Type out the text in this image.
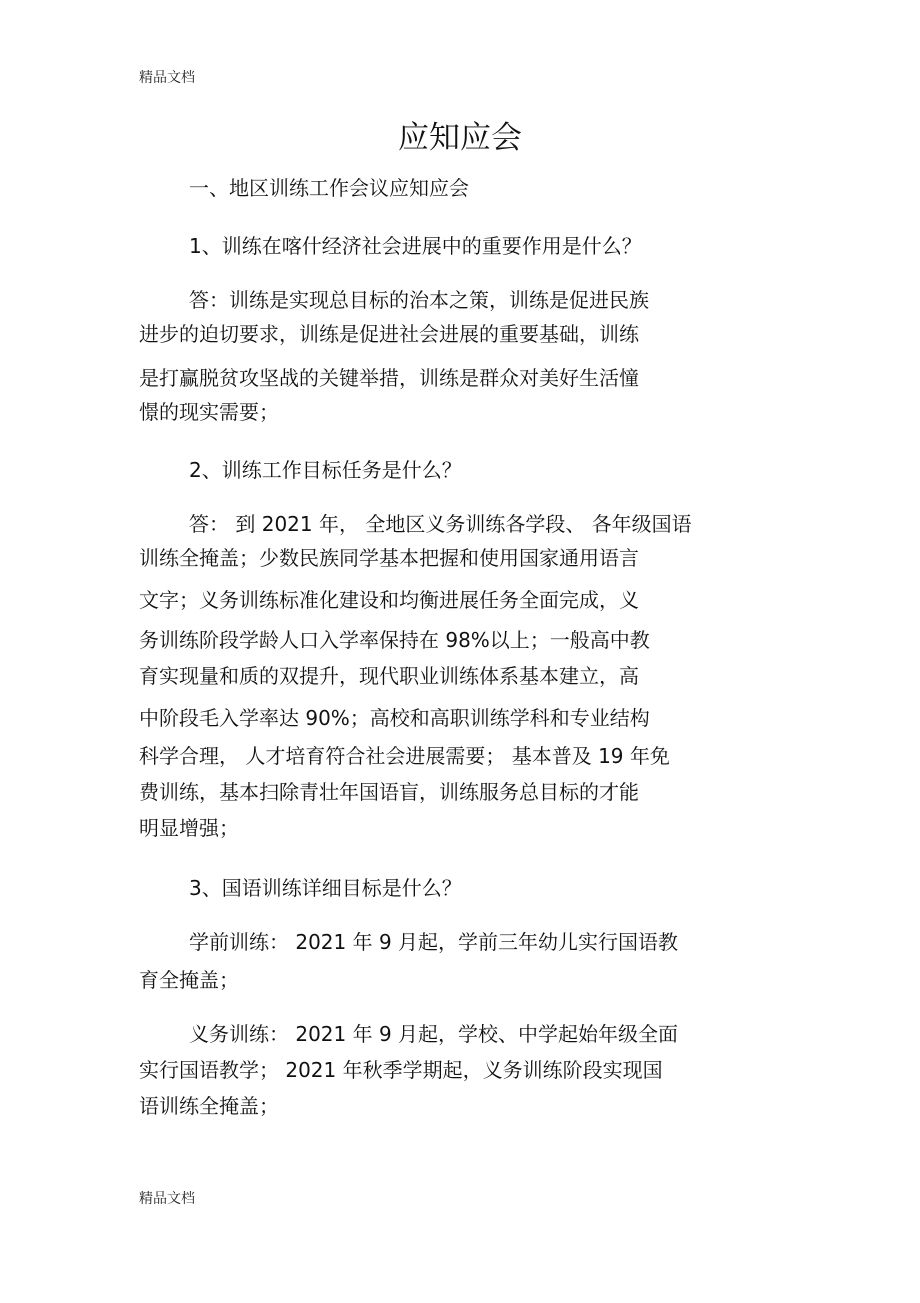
精品文档
应知应会
一、地区训练工作会议应知应会
1、训练在喀什经济社会进展中的重要作用是什么？
答：训练是实现总目标的治本之策，训练是促进民族
进步的迫切要求，训练是促进社会进展的重要基础，训练
是打赢脱贫攻坚战的关键举措，训练是群众对美好生活憧
憬的现实需要；
2、训练工作目标任务是什么？
答： 到 2021 年， 全地区义务训练各学段、 各年级国语
训练全掩盖；少数民族同学基本把握和使用国家通用语言
文字；义务训练标准化建设和均衡进展任务全面完成，义
务训练阶段学龄人口入学率保持在 98%以上；一般高中教
育实现量和质的双提升，现代职业训练体系基本建立，高
中阶段毛入学率达 90%；高校和高职训练学科和专业结构
科学合理， 人才培育符合社会进展需要； 基本普及 19 年免
费训练，基本扫除青壮年国语盲，训练服务总目标的才能
明显增强；
3、国语训练详细目标是什么？
学前训练： 2021 年 9 月起，学前三年幼儿实行国语教
育全掩盖；
义务训练： 2021 年 9 月起，学校、中学起始年级全面
实行国语教学； 2021 年秋季学期起，义务训练阶段实现国
语训练全掩盖；
精品文档
